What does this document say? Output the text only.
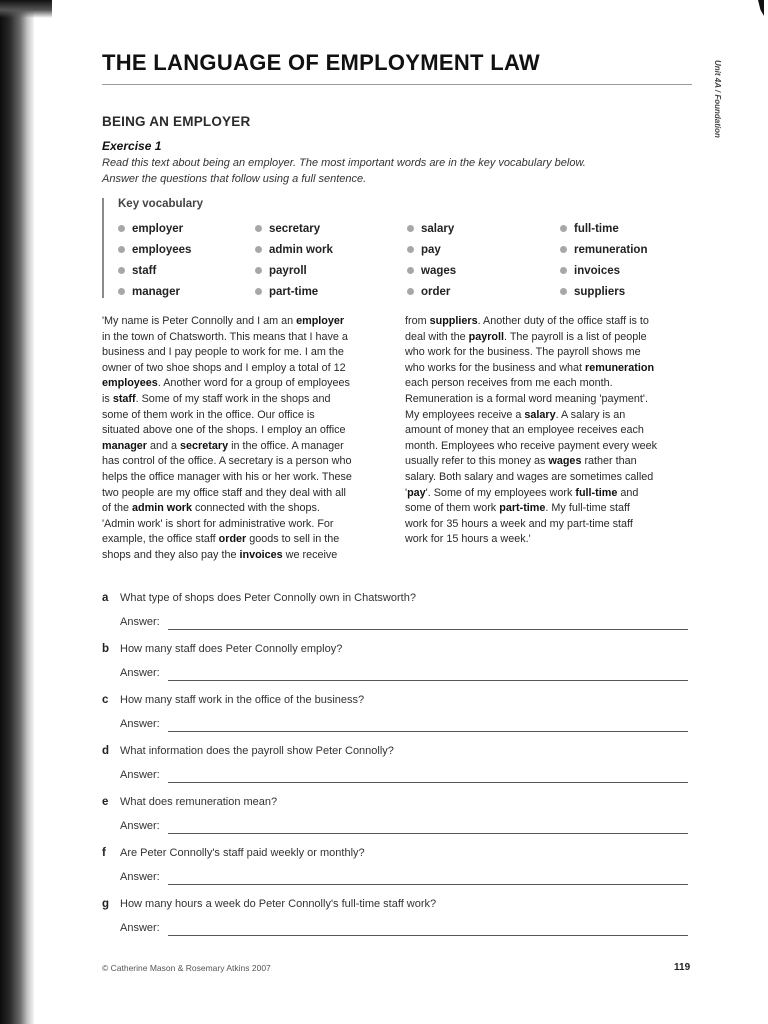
THE LANGUAGE OF EMPLOYMENT LAW	Unit 4A / Foundation
BEING AN EMPLOYER
Exercise 1
Read this text about being an employer. The most important words are in the key vocabulary below.
Answer the questions that follow using a full sentence.
Key vocabulary
employer
employees
staff
manager
secretary
admin work
payroll
part-time
salary
pay
wages
order
full-time
remuneration
invoices
suppliers
'My name is Peter Connolly and I am an employer
in the town of Chatsworth. This means that I have a
business and I pay people to work for me. I am the
owner of two shoe shops and I employ a total of 12
employees. Another word for a group of employees
is staff. Some of my staff work in the shops and
some of them work in the office. Our office is
situated above one of the shops. I employ an office
manager and a secretary in the office. A manager
has control of the office. A secretary is a person who
helps the office manager with his or her work. These
two people are my office staff and they deal with all
of the admin work connected with the shops.
'Admin work' is short for administrative work. For
example, the office staff order goods to sell in the
shops and they also pay the invoices we receive
from suppliers. Another duty of the office staff is to
deal with the payroll. The payroll is a list of people
who work for the business. The payroll shows me
who works for the business and what remuneration
each person receives from me each month.
Remuneration is a formal word meaning 'payment'.
My employees receive a salary. A salary is an
amount of money that an employee receives each
month. Employees who receive payment every week
usually refer to this money as wages rather than
salary. Both salary and wages are sometimes called
'pay'. Some of my employees work full-time and
some of them work part-time. My full-time staff
work for 35 hours a week and my part-time staff
work for 15 hours a week.'
a What type of shops does Peter Connolly own in Chatsworth?
Answer:
b How many staff does Peter Connolly employ?
Answer:
c How many staff work in the office of the business?
Answer:
d What information does the payroll show Peter Connolly?
Answer:
e What does remuneration mean?
Answer:
f Are Peter Connolly's staff paid weekly or monthly?
Answer:
g How many hours a week do Peter Connolly's full-time staff work?
Answer:
© Catherine Mason & Rosemary Atkins 2007	119
